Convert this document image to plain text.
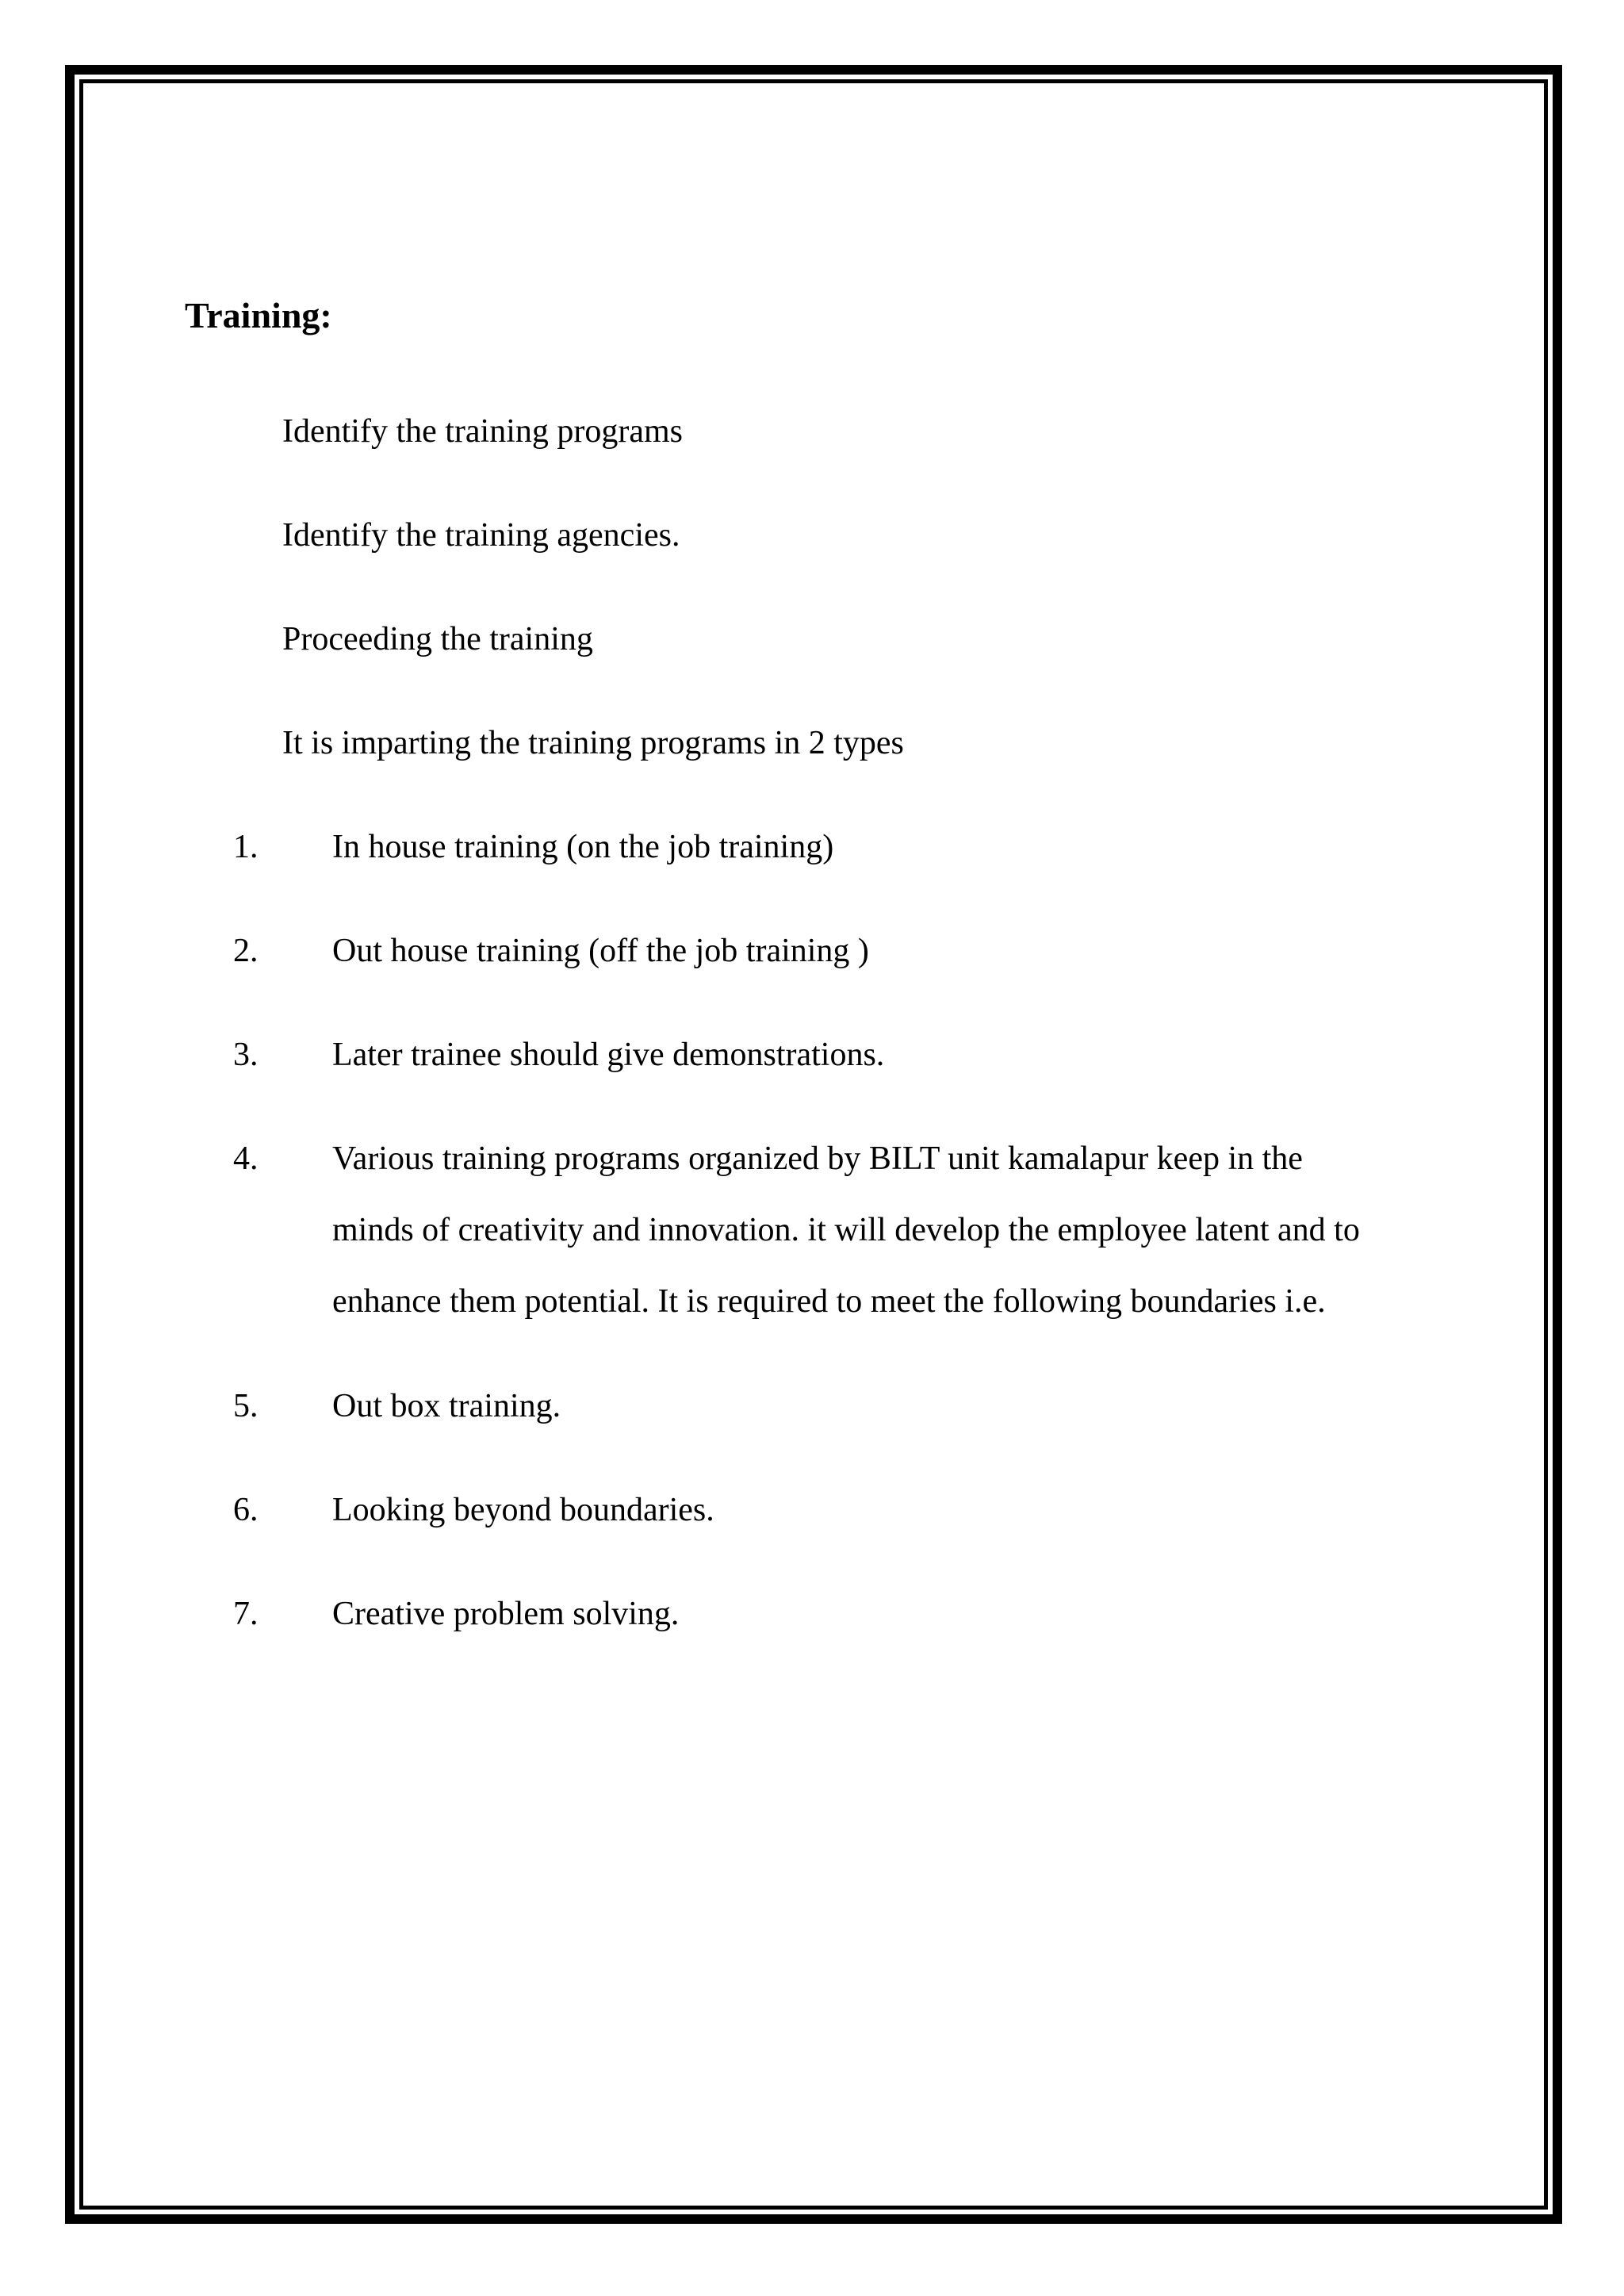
Training:

Identify the training programs

Identify the training agencies.

Proceeding the training

It is imparting the training programs in 2 types

1. In house training (on the job training)
2. Out house training (off the job training )
3. Later trainee should give demonstrations.
4. Various training programs organized by BILT unit kamalapur keep in the
minds of creativity and innovation. it will develop the employee latent and to
enhance them potential. It is required to meet the following boundaries i.e.
5. Out box training.
6. Looking beyond boundaries.
7. Creative problem solving.
